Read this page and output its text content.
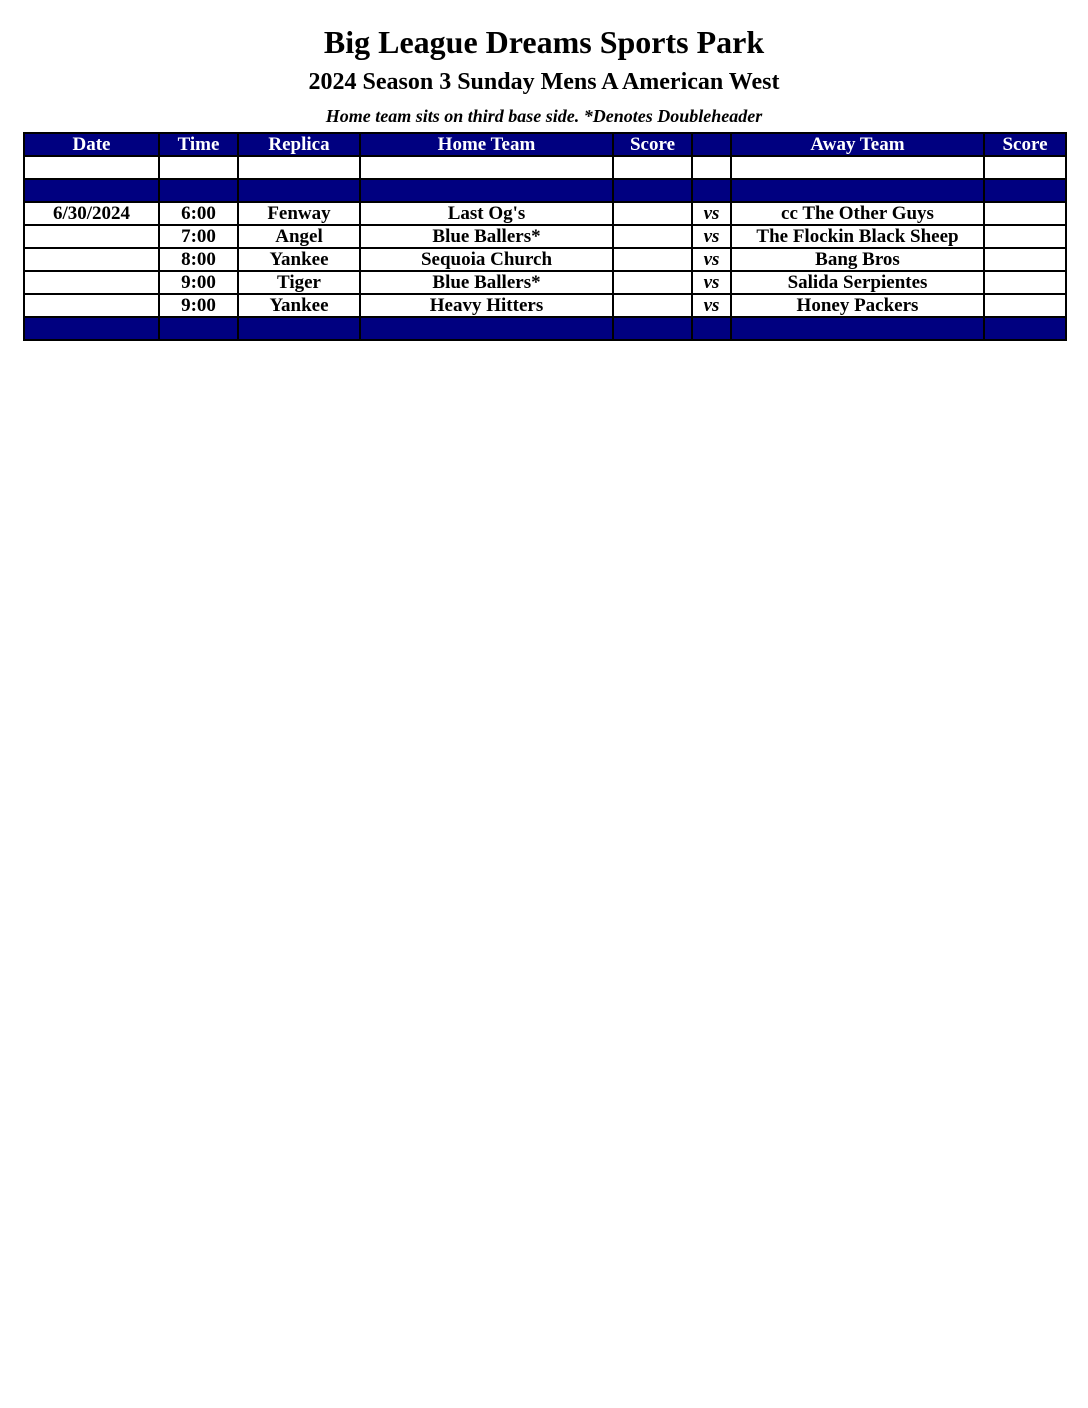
Big League Dreams Sports Park
2024 Season 3 Sunday Mens A American West
Home team sits on third base side. *Denotes Doubleheader
Date	Time	Replica	Home Team	Score		Away Team	Score

6/30/2024	6:00	Fenway	Last Og's		vs	cc The Other Guys	
	7:00	Angel	Blue Ballers*		vs	The Flockin Black Sheep	
	8:00	Yankee	Sequoia Church		vs	Bang Bros	
	9:00	Tiger	Blue Ballers*		vs	Salida Serpientes	
	9:00	Yankee	Heavy Hitters		vs	Honey Packers	
